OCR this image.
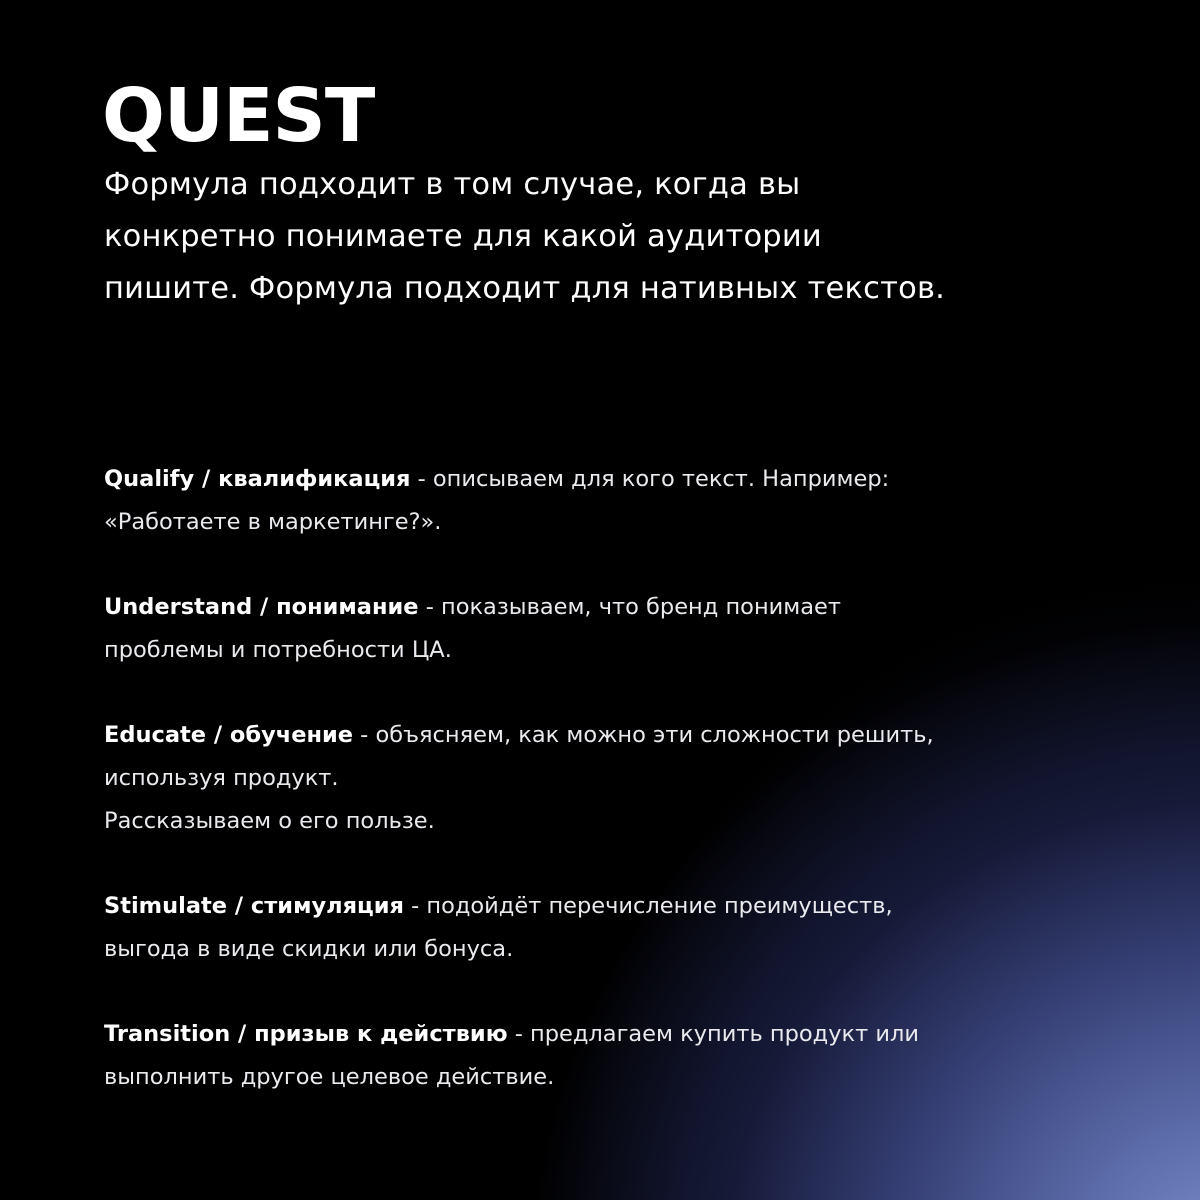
QUEST

Формула подходит в том случае, когда вы конкретно понимаете для какой аудитории пишите. Формула подходит для нативных текстов.

Qualify / квалификация - описываем для кого текст. Например:
«Работаете в маркетинге?».
Understand / понимание - показываем, что бренд понимает
проблемы и потребности ЦА.
Educate / обучение - объясняем, как можно эти сложности решить,
используя продукт.
Рассказываем о его пользе.
Stimulate / стимуляция - подойдёт перечисление преимуществ,
выгода в виде скидки или бонуса.
Transition / призыв к действию - предлагаем купить продукт или
выполнить другое целевое действие.
